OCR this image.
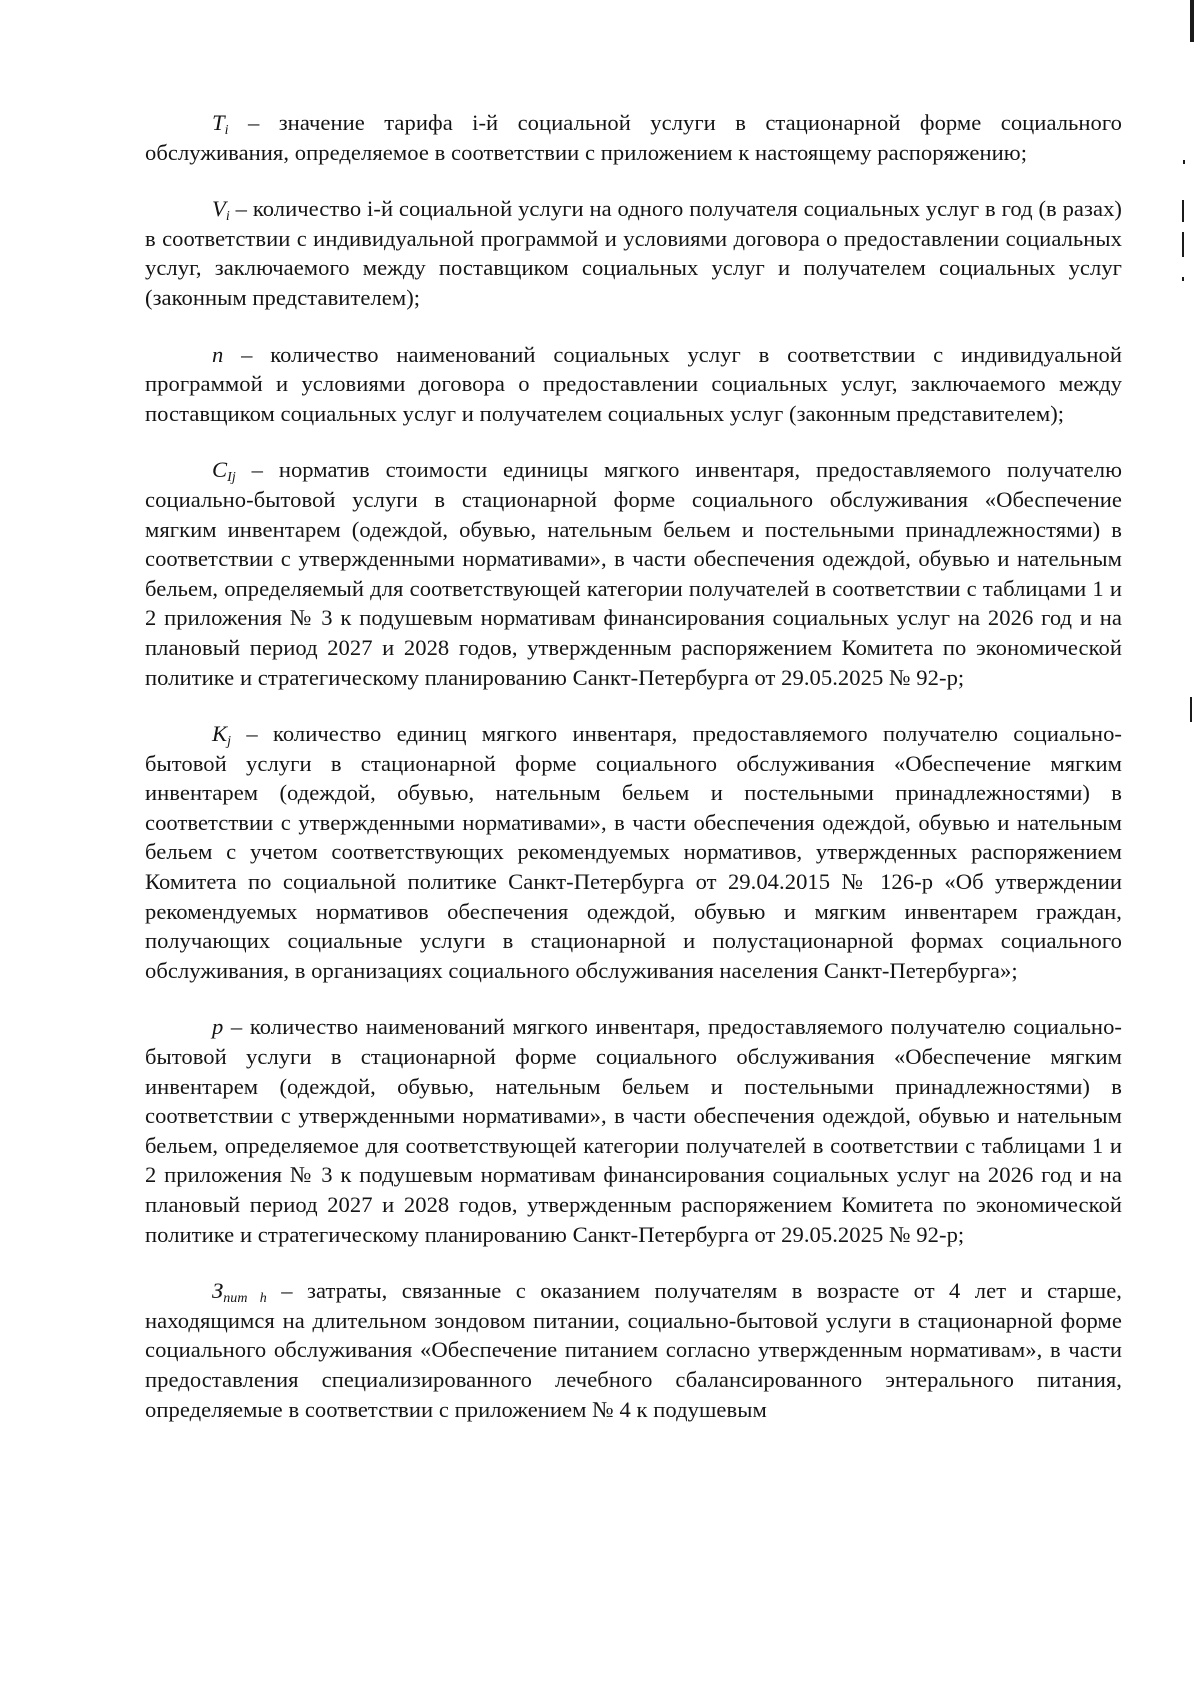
$T_i$ – значение тарифа i-й социальной услуги в стационарной форме социального обслуживания, определяемое в соответствии с приложением к настоящему распоряжению;

$V_i$ – количество i-й социальной услуги на одного получателя социальных услуг в год (в разах) в соответствии с индивидуальной программой и условиями договора о предоставлении социальных услуг, заключаемого между поставщиком социальных услуг и получателем социальных услуг (законным представителем);

n – количество наименований социальных услуг в соответствии с индивидуальной программой и условиями договора о предоставлении социальных услуг, заключаемого между поставщиком социальных услуг и получателем социальных услуг (законным представителем);

$C_{Ij}$ – норматив стоимости единицы мягкого инвентаря, предоставляемого получателю социально-бытовой услуги в стационарной форме социального обслуживания «Обеспечение мягким инвентарем (одеждой, обувью, нательным бельем и постельными принадлежностями) в соответствии с утвержденными нормативами», в части обеспечения одеждой, обувью и нательным бельем, определяемый для соответствующей категории получателей в соответствии с таблицами 1 и 2 приложения № 3 к подушевым нормативам финансирования социальных услуг на 2026 год и на плановый период 2027 и 2028 годов, утвержденным распоряжением Комитета по экономической политике и стратегическому планированию Санкт-Петербурга от 29.05.2025 № 92-р;

$K_j$ – количество единиц мягкого инвентаря, предоставляемого получателю социально-бытовой услуги в стационарной форме социального обслуживания «Обеспечение мягким инвентарем (одеждой, обувью, нательным бельем и постельными принадлежностями) в соответствии с утвержденными нормативами», в части обеспечения одеждой, обувью и нательным бельем с учетом соответствующих рекомендуемых нормативов, утвержденных распоряжением Комитета по социальной политике Санкт-Петербурга от 29.04.2015 № 126-р «Об утверждении рекомендуемых нормативов обеспечения одеждой, обувью и мягким инвентарем граждан, получающих социальные услуги в стационарной и полустационарной формах социального обслуживания, в организациях социального обслуживания населения Санкт-Петербурга»;

p – количество наименований мягкого инвентаря, предоставляемого получателю социально-бытовой услуги в стационарной форме социального обслуживания «Обеспечение мягким инвентарем (одеждой, обувью, нательным бельем и постельными принадлежностями) в соответствии с утвержденными нормативами», в части обеспечения одеждой, обувью и нательным бельем, определяемое для соответствующей категории получателей в соответствии с таблицами 1 и 2 приложения № 3 к подушевым нормативам финансирования социальных услуг на 2026 год и на плановый период 2027 и 2028 годов, утвержденным распоряжением Комитета по экономической политике и стратегическому планированию Санкт-Петербурга от 29.05.2025 № 92-р;

$З_{пит h}$ – затраты, связанные с оказанием получателям в возрасте от 4 лет и старше, находящимся на длительном зондовом питании, социально-бытовой услуги в стационарной форме социального обслуживания «Обеспечение питанием согласно утвержденным нормативам», в части предоставления специализированного лечебного сбалансированного энтерального питания, определяемые в соответствии с приложением № 4 к подушевым
